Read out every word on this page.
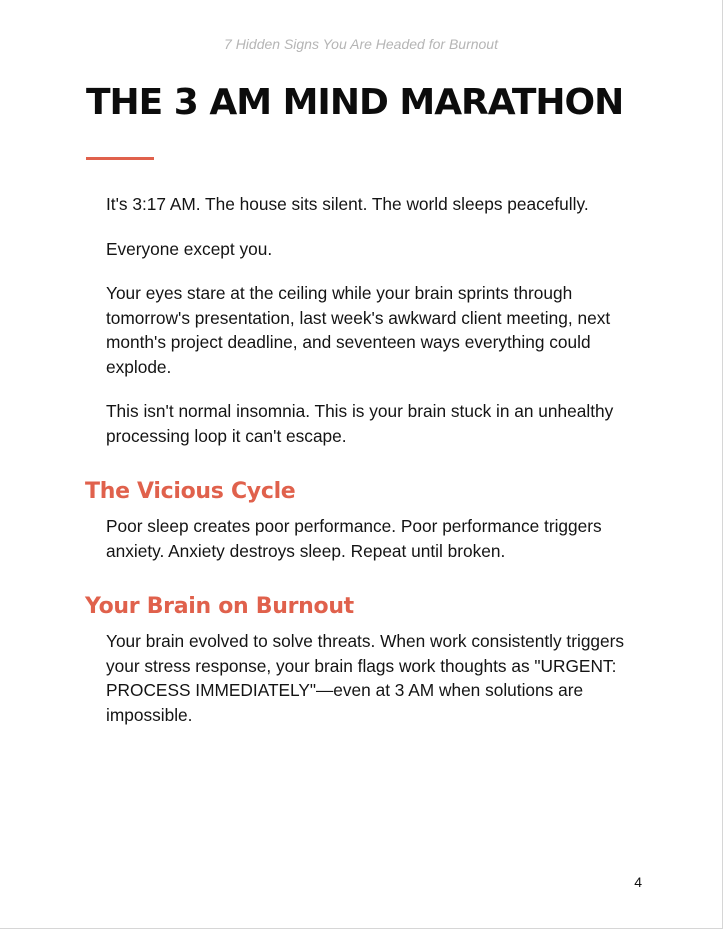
7 Hidden Signs You Are Headed for Burnout
THE 3 AM MIND MARATHON

It's 3:17 AM. The house sits silent. The world sleeps peacefully.

Everyone except you.

Your eyes stare at the ceiling while your brain sprints through tomorrow's presentation, last week's awkward client meeting, next month's project deadline, and seventeen ways everything could explode.

This isn't normal insomnia. This is your brain stuck in an unhealthy processing loop it can't escape.

The Vicious Cycle

Poor sleep creates poor performance. Poor performance triggers anxiety. Anxiety destroys sleep. Repeat until broken.

Your Brain on Burnout

Your brain evolved to solve threats. When work consistently triggers your stress response, your brain flags work thoughts as "URGENT: PROCESS IMMEDIATELY"—even at 3 AM when solutions are impossible.

4
